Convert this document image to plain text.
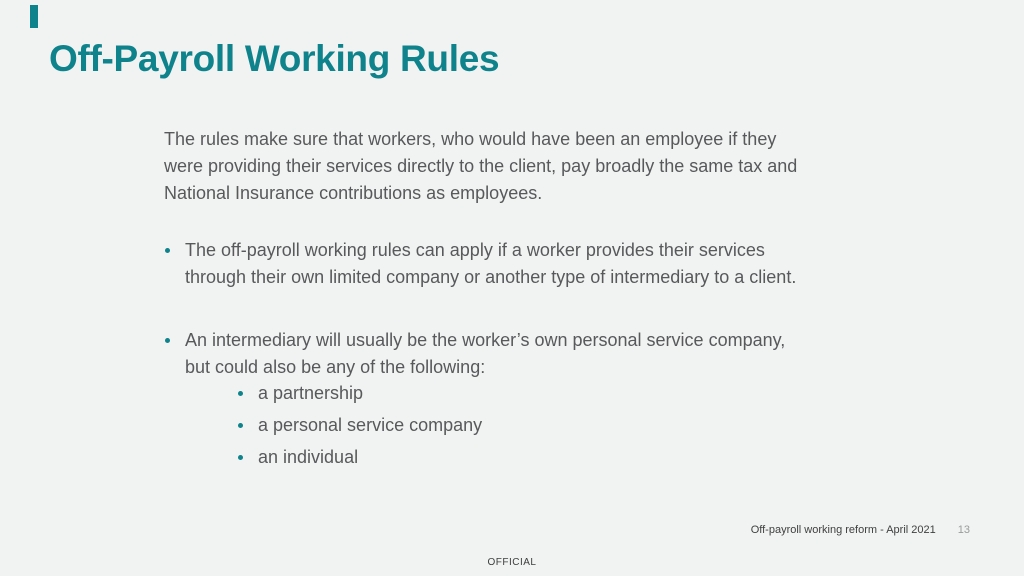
Off-Payroll Working Rules
The rules make sure that workers, who would have been an employee if they
were providing their services directly to the client, pay broadly the same tax and
National Insurance contributions as employees.
The off-payroll working rules can apply if a worker provides their services
through their own limited company or another type of intermediary to a client.
An intermediary will usually be the worker’s own personal service company,
but could also be any of the following:
a partnership
a personal service company
an individual
Off-payroll working reform - April 2021 13
OFFICIAL
